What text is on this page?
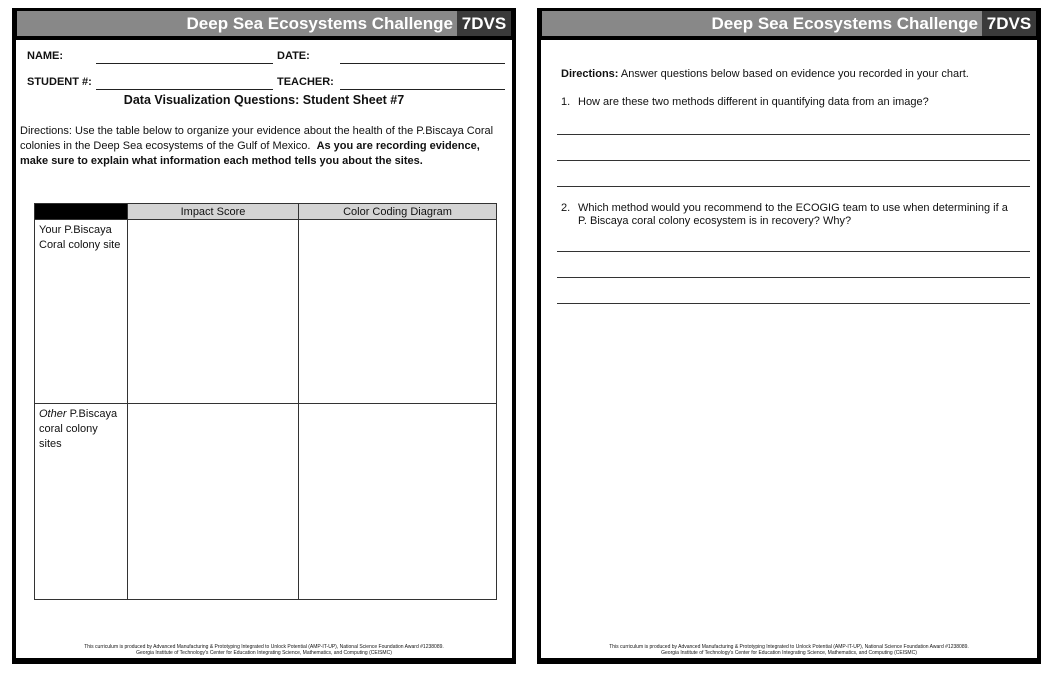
Deep Sea Ecosystems Challenge 7DVS
NAME:	DATE:
STUDENT #:	TEACHER:
Data Visualization Questions: Student Sheet #7
Directions: Use the table below to organize your evidence about the health of the P.Biscaya Coral colonies in the Deep Sea ecosystems of the Gulf of Mexico. As you are recording evidence, make sure to explain what information each method tells you about the sites.
	Impact Score	Color Coding Diagram
Your P.Biscaya Coral colony site		
Other P.Biscaya coral colony sites		
This curriculum is produced by Advanced Manufacturing & Prototyping Integrated to Unlock Potential (AMP-IT-UP), National Science Foundation Award #1238089.
Georgia Institute of Technology's Center for Education Integrating Science, Mathematics, and Computing (CEISMC)
Deep Sea Ecosystems Challenge 7DVS
Directions: Answer questions below based on evidence you recorded in your chart.
1. How are these two methods different in quantifying data from an image?
2. Which method would you recommend to the ECOGIG team to use when determining if a P. Biscaya coral colony ecosystem is in recovery? Why?
This curriculum is produced by Advanced Manufacturing & Prototyping Integrated to Unlock Potential (AMP-IT-UP), National Science Foundation Award #1238089.
Georgia Institute of Technology's Center for Education Integrating Science, Mathematics, and Computing (CEISMC)
